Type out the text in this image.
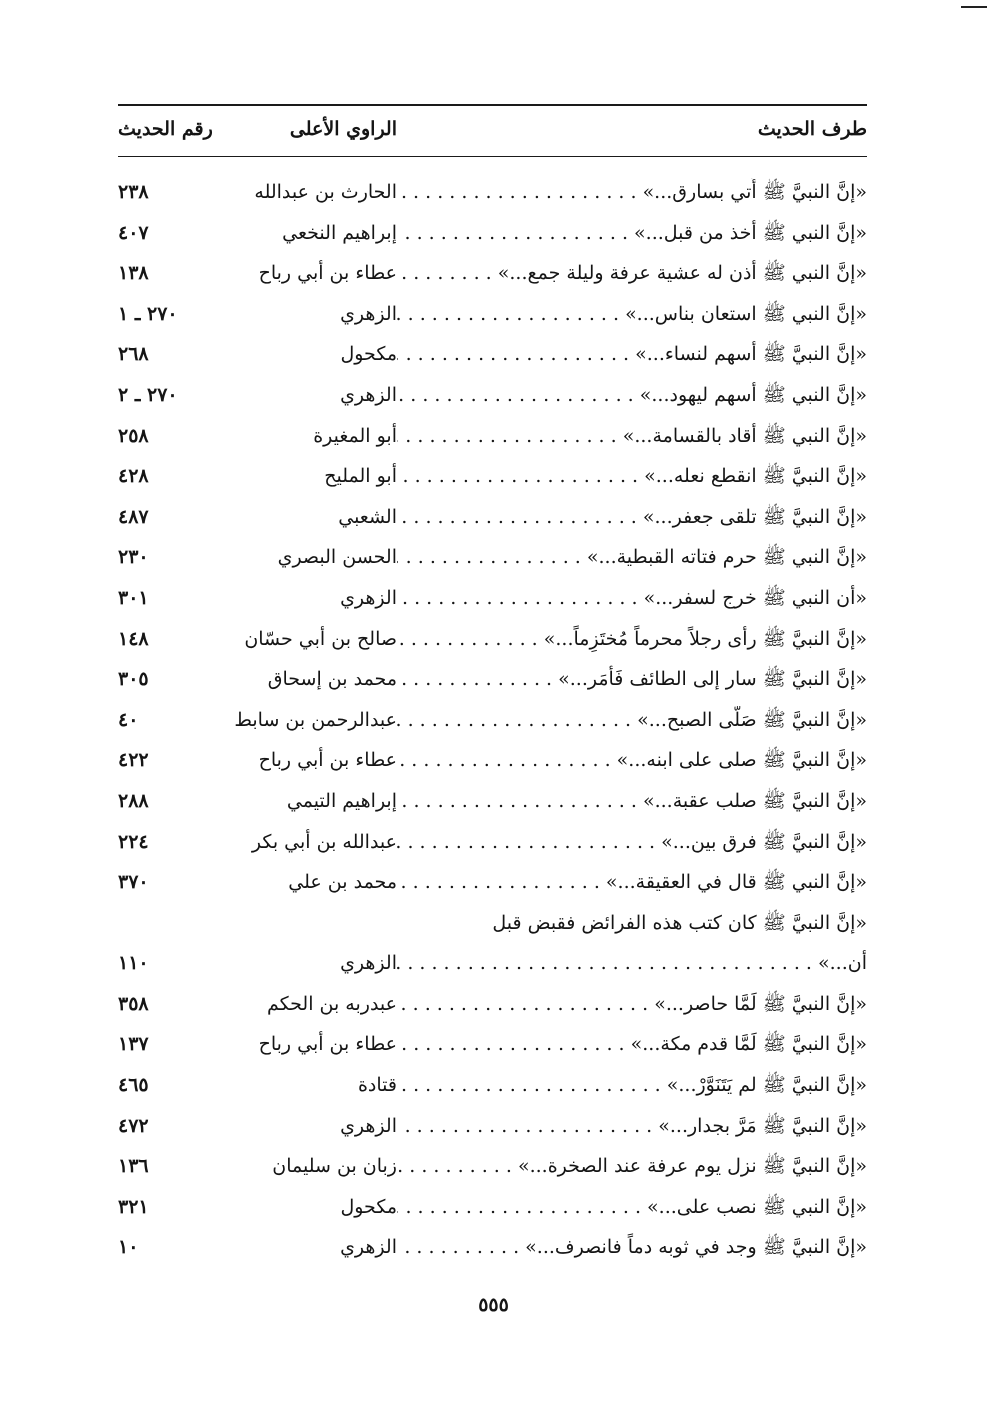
طرف الحديث
الراوي الأعلى
رقم الحديث
«إنَّ النبيَّ ﷺ أُتي بسارق...» . . .
الحارث بن عبدالله
٢٣٨
«إنَّ النبي ﷺ أخذ من قبل...» . . .
إبراهيم النخعي
٤٠٧
«إنَّ النبي ﷺ أذن له عشية عرفة وليلة جمع...» . . .
عطاء بن أبي رباح
١٣٨
«إنَّ النبي ﷺ استعان بناس...» . . .
الزهري
٢٧٠ ـ ١
«إنَّ النبيَّ ﷺ أسهم لنساء...» . . .
مكحول
٢٦٨
«إنَّ النبي ﷺ أسهم ليهود...» . . .
الزهري
٢٧٠ ـ ٢
«إنَّ النبي ﷺ أقاد بالقسامة...» . . .
أبو المغيرة
٢٥٨
«إنَّ النبيَّ ﷺ انقطع نعله...» . . .
أبو المليح
٤٢٨
«إنَّ النبيَّ ﷺ تلقى جعفر...» . . .
الشعبي
٤٨٧
«إنَّ النبي ﷺ حرم فتاته القبطية...» . . .
الحسن البصري
٢٣٠
«أن النبي ﷺ خرج لسفر...» . . .
الزهري
٣٠١
«إنَّ النبيَّ ﷺ رأى رجلاً محرماً مُختَزِماً...» . . .
صالح بن أبي حسّان
١٤٨
«إنَّ النبيَّ ﷺ سار إلى الطائف فَأَمَر...» . . .
محمد بن إسحاق
٣٠٥
«إنَّ النبيَّ ﷺ صَلَّى الصبح...» . . .
عبدالرحمن بن سابط
٤٠
«إنَّ النبيَّ ﷺ صلى على ابنه...» . . .
عطاء بن أبي رباح
٤٢٢
«إنَّ النبيَّ ﷺ صلب عقبة...» . . .
إبراهيم التيمي
٢٨٨
«إنَّ النبيَّ ﷺ فرق بين...» . . .
عبدالله بن أبي بكر
٢٢٤
«إنَّ النبي ﷺ قال في العقيقة...» . . .
محمد بن علي
٣٧٠
«إنَّ النبيَّ ﷺ كان كتب هذه الفرائض فقبض قبل
أن...» . . .
الزهري
١١٠
«إنَّ النبيَّ ﷺ لَمَّا حاصر...» . . .
عبدربه بن الحكم
٣٥٨
«إنَّ النبيَّ ﷺ لَمَّا قدم مكة...» . . .
عطاء بن أبي رباح
١٣٧
«إنَّ النبيَّ ﷺ لم يَتَنَوَّرْ...» . . .
قتادة
٤٦٥
«إنَّ النبيَّ ﷺ مَرَّ بجدار...» . . .
الزهري
٤٧٢
«إنَّ النبيَّ ﷺ نزل يوم عرفة عند الصخرة...» . . .
زبان بن سليمان
١٣٦
«إنَّ النبي ﷺ نصب على...» . . .
مكحول
٣٢١
«إنَّ النبيَّ ﷺ وجد في ثوبه دماً فانصرف...» . . .
الزهري
١٠
٥٥٥
